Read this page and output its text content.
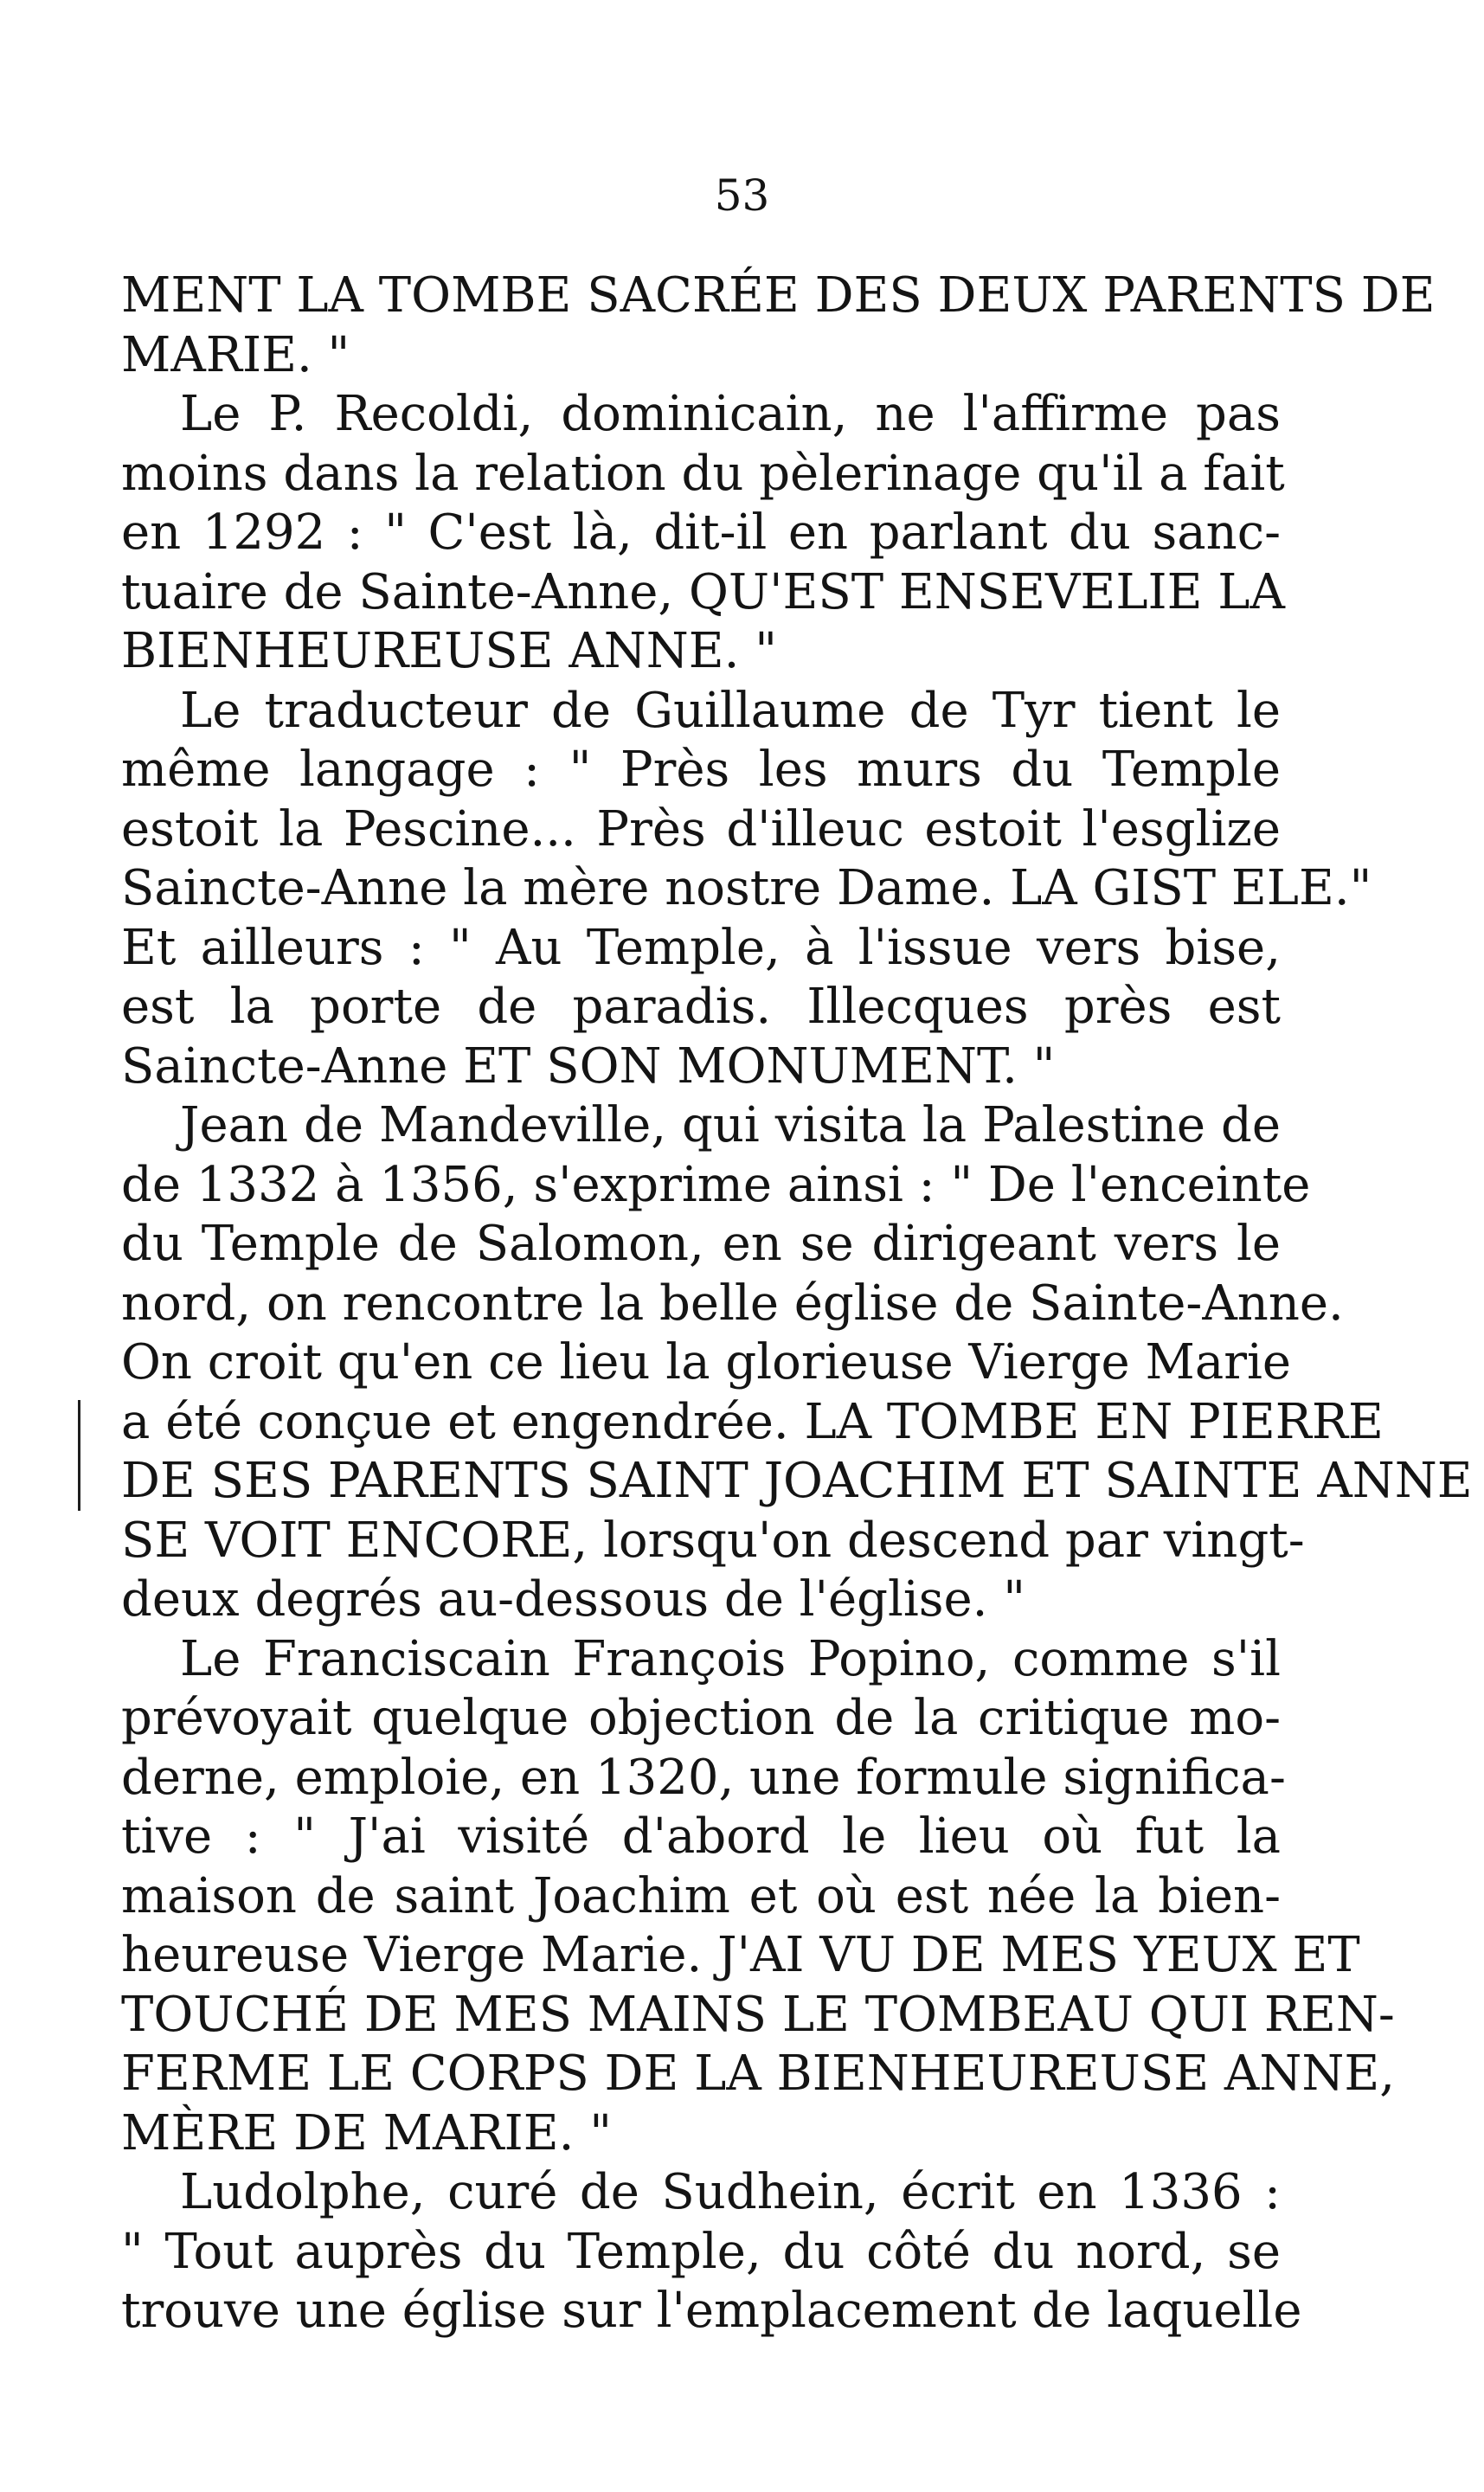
53
MENT LA TOMBE SACRÉE DES DEUX PARENTS DE
MARIE. "
Le P. Recoldi, dominicain, ne l'affirme pas
moins dans la relation du pèlerinage qu'il a fait
en 1292 : " C'est là, dit-il en parlant du sanc-
tuaire de Sainte-Anne, QU'EST ENSEVELIE LA
BIENHEUREUSE ANNE. "
Le traducteur de Guillaume de Tyr tient le
même langage : " Près les murs du Temple
estoit la Pescine... Près d'illeuc estoit l'esglize
Saincte-Anne la mère nostre Dame. LA GIST ELE."
Et ailleurs : " Au Temple, à l'issue vers bise,
est la porte de paradis. Illecques près est
Saincte-Anne ET SON MONUMENT. "
Jean de Mandeville, qui visita la Palestine de
de 1332 à 1356, s'exprime ainsi : " De l'enceinte
du Temple de Salomon, en se dirigeant vers le
nord, on rencontre la belle église de Sainte-Anne.
On croit qu'en ce lieu la glorieuse Vierge Marie
a été conçue et engendrée. LA TOMBE EN PIERRE
DE SES PARENTS SAINT JOACHIM ET SAINTE ANNE
SE VOIT ENCORE, lorsqu'on descend par vingt-
deux degrés au-dessous de l'église. "
Le Franciscain François Popino, comme s'il
prévoyait quelque objection de la critique mo-
derne, emploie, en 1320, une formule significa-
tive : " J'ai visité d'abord le lieu où fut la
maison de saint Joachim et où est née la bien-
heureuse Vierge Marie. J'AI VU DE MES YEUX ET
TOUCHÉ DE MES MAINS LE TOMBEAU QUI REN-
FERME LE CORPS DE LA BIENHEUREUSE ANNE,
MÈRE DE MARIE. "
Ludolphe, curé de Sudhein, écrit en 1336 :
" Tout auprès du Temple, du côté du nord, se
trouve une église sur l'emplacement de laquelle
